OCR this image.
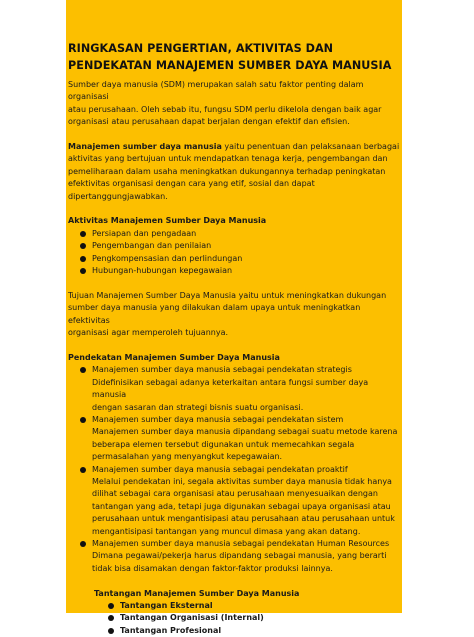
RINGKASAN PENGERTIAN, AKTIVITAS DAN
PENDEKATAN MANAJEMEN SUMBER DAYA MANUSIA
Sumber daya manusia (SDM) merupakan salah satu faktor penting dalam organisasi
atau perusahaan. Oleh sebab itu, fungsu SDM perlu dikelola dengan baik agar
organisasi atau perusahaan dapat berjalan dengan efektif dan efisien.
Manajemen sumber daya manusia yaitu penentuan dan pelaksanaan berbagai
aktivitas yang bertujuan untuk mendapatkan tenaga kerja, pengembangan dan
pemeliharaan dalam usaha meningkatkan dukungannya terhadap peningkatan
efektivitas organisasi dengan cara yang etif, sosial dan dapat
dipertanggungjawabkan.
Aktivitas Manajemen Sumber Daya Manusia
Persiapan dan pengadaan
Pengembangan dan penilaian
Pengkompensasian dan perlindungan
Hubungan-hubungan kepegawaian
Tujuan Manajemen Sumber Daya Manusia yaitu untuk meningkatkan dukungan
sumber daya manusia yang dilakukan dalam upaya untuk meningkatkan efektivitas
organisasi agar memperoleh tujuannya.
Pendekatan Manajemen Sumber Daya Manusia
Manajemen sumber daya manusia sebagai pendekatan strategis
Didefinisikan sebagai adanya keterkaitan antara fungsi sumber daya manusia
dengan sasaran dan strategi bisnis suatu organisasi.
Manajemen sumber daya manusia sebagai pendekatan sistem
Manajemen sumber daya manusia dipandang sebagai suatu metode karena
beberapa elemen tersebut digunakan untuk memecahkan segala
permasalahan yang menyangkut kepegawaian.
Manajemen sumber daya manusia sebagai pendekatan proaktif
Melalui pendekatan ini, segala aktivitas sumber daya manusia tidak hanya
dilihat sebagai cara organisasi atau perusahaan menyesuaikan dengan
tantangan yang ada, tetapi juga digunakan sebagai upaya organisasi atau
perusahaan untuk mengantisipasi atau perusahaan atau perusahaan untuk
mengantisipasi tantangan yang muncul dimasa yang akan datang.
Manajemen sumber daya manusia sebagai pendekatan Human Resources
Dimana pegawai/pekerja harus dipandang sebagai manusia, yang berarti
tidak bisa disamakan dengan faktor-faktor produksi lainnya.
Tantangan Manajemen Sumber Daya Manusia
Tantangan Eksternal
Tantangan Organisasi (Internal)
Tantangan Profesional
